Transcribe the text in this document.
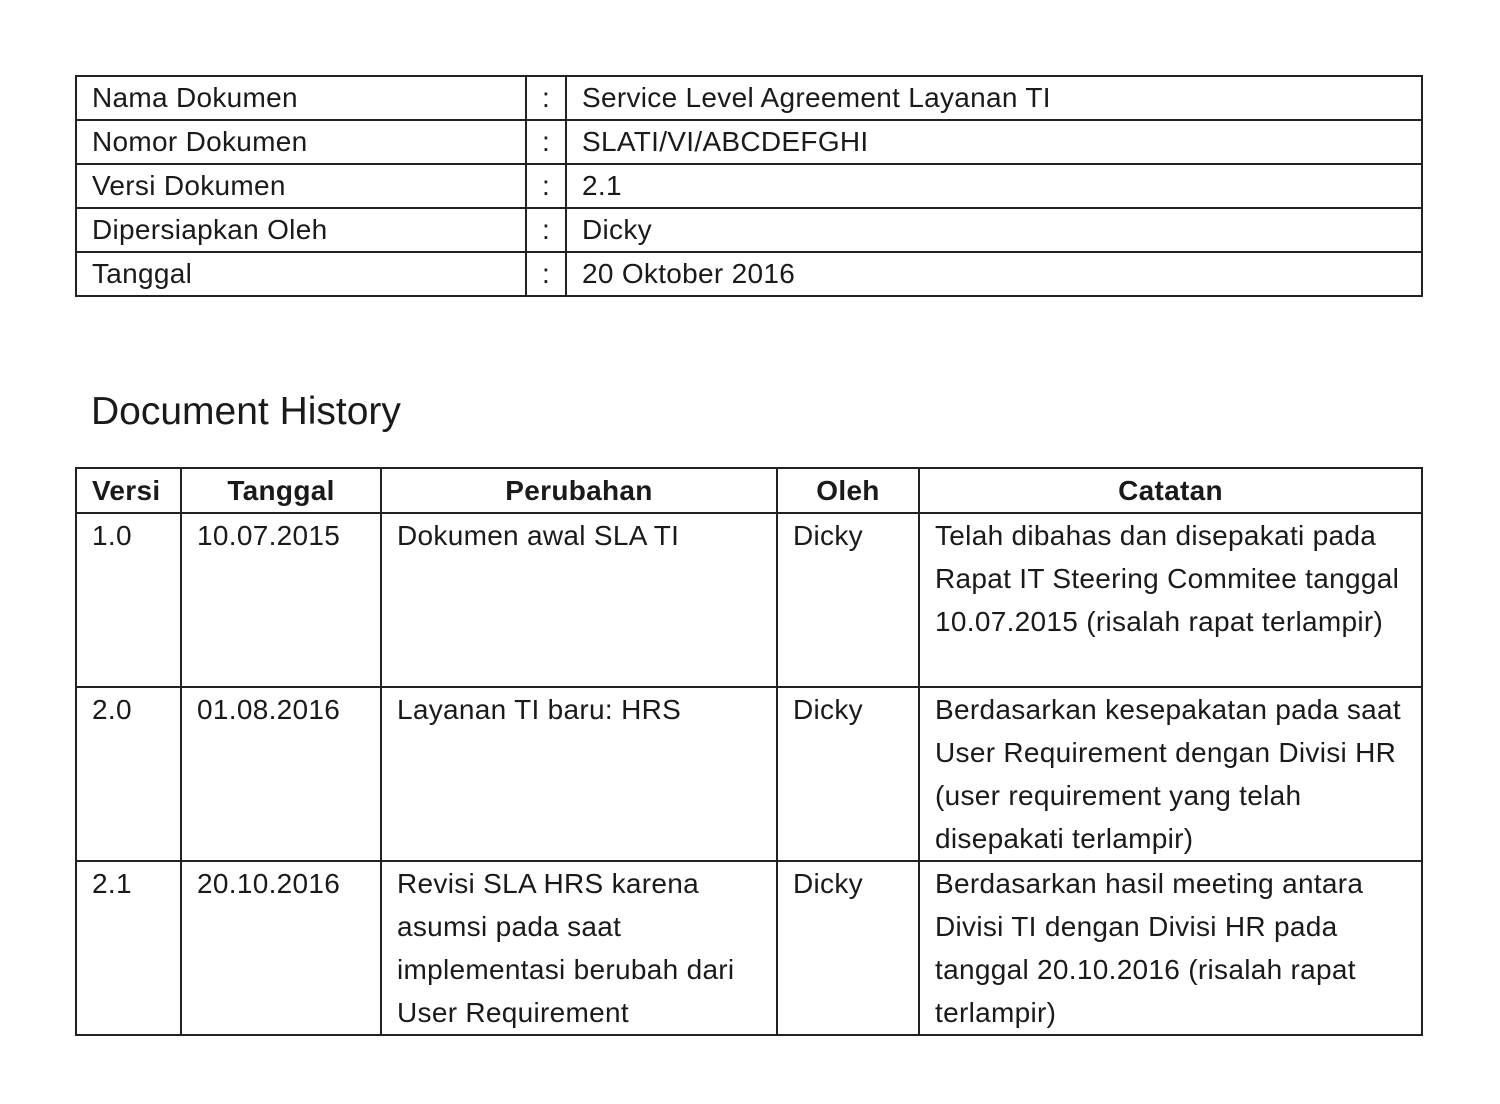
Nama Dokumen	:	Service Level Agreement Layanan TI
Nomor Dokumen	:	SLATI/VI/ABCDEFGHI
Versi Dokumen	:	2.1
Dipersiapkan Oleh	:	Dicky
Tanggal	:	20 Oktober 2016
Document History
Versi	Tanggal	Perubahan	Oleh	Catatan
1.0	10.07.2015	Dokumen awal SLA TI	Dicky	Telah dibahas dan disepakati pada Rapat IT Steering Commitee tanggal 10.07.2015 (risalah rapat terlampir)
2.0	01.08.2016	Layanan TI baru: HRS	Dicky	Berdasarkan kesepakatan pada saat User Requirement dengan Divisi HR (user requirement yang telah disepakati terlampir)
2.1	20.10.2016	Revisi SLA HRS karena asumsi pada saat implementasi berubah dari User Requirement	Dicky	Berdasarkan hasil meeting antara Divisi TI dengan Divisi HR pada tanggal 20.10.2016 (risalah rapat terlampir)
